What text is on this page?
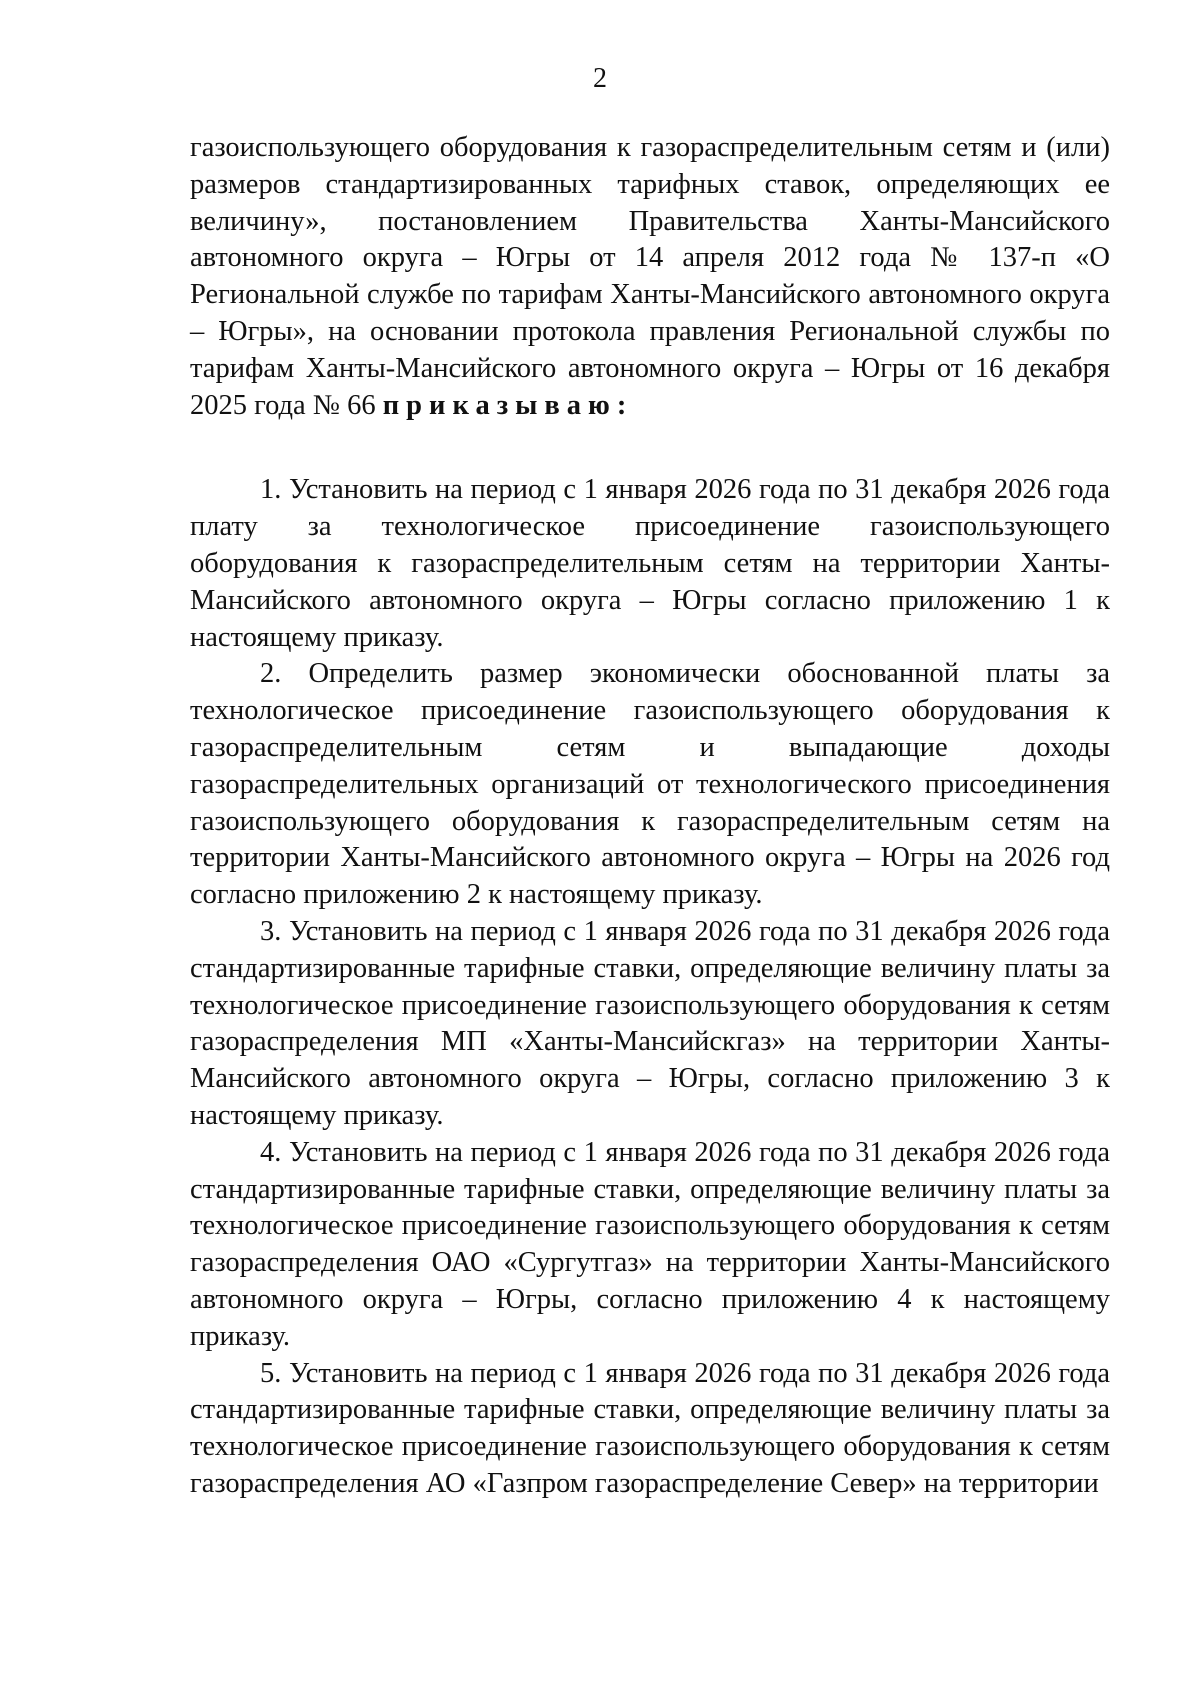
2

газоиспользующего оборудования к газораспределительным сетям и (или) размеров стандартизированных тарифных ставок, определяющих ее величину», постановлением Правительства Ханты-Мансийского автономного округа – Югры от 14 апреля 2012 года № 137-п «О Региональной службе по тарифам Ханты-Мансийского автономного округа – Югры», на основании протокола правления Региональной службы по тарифам Ханты-Мансийского автономного округа – Югры от 16 декабря 2025 года № 66 приказываю:

1. Установить на период с 1 января 2026 года по 31 декабря 2026 года плату за технологическое присоединение газоиспользующего оборудования к газораспределительным сетям на территории Ханты-Мансийского автономного округа – Югры согласно приложению 1 к настоящему приказу.

2. Определить размер экономически обоснованной платы за технологическое присоединение газоиспользующего оборудования к газораспределительным сетям и выпадающие доходы газораспределительных организаций от технологического присоединения газоиспользующего оборудования к газораспределительным сетям на территории Ханты-Мансийского автономного округа – Югры на 2026 год согласно приложению 2 к настоящему приказу.

3. Установить на период с 1 января 2026 года по 31 декабря 2026 года стандартизированные тарифные ставки, определяющие величину платы за технологическое присоединение газоиспользующего оборудования к сетям газораспределения МП «Ханты-Мансийскгаз» на территории Ханты-Мансийского автономного округа – Югры, согласно приложению 3 к настоящему приказу.

4. Установить на период с 1 января 2026 года по 31 декабря 2026 года стандартизированные тарифные ставки, определяющие величину платы за технологическое присоединение газоиспользующего оборудования к сетям газораспределения ОАО «Сургутгаз» на территории Ханты-Мансийского автономного округа – Югры, согласно приложению 4 к настоящему приказу.

5. Установить на период с 1 января 2026 года по 31 декабря 2026 года стандартизированные тарифные ставки, определяющие величину платы за технологическое присоединение газоиспользующего оборудования к сетям газораспределения АО «Газпром газораспределение Север» на территории
